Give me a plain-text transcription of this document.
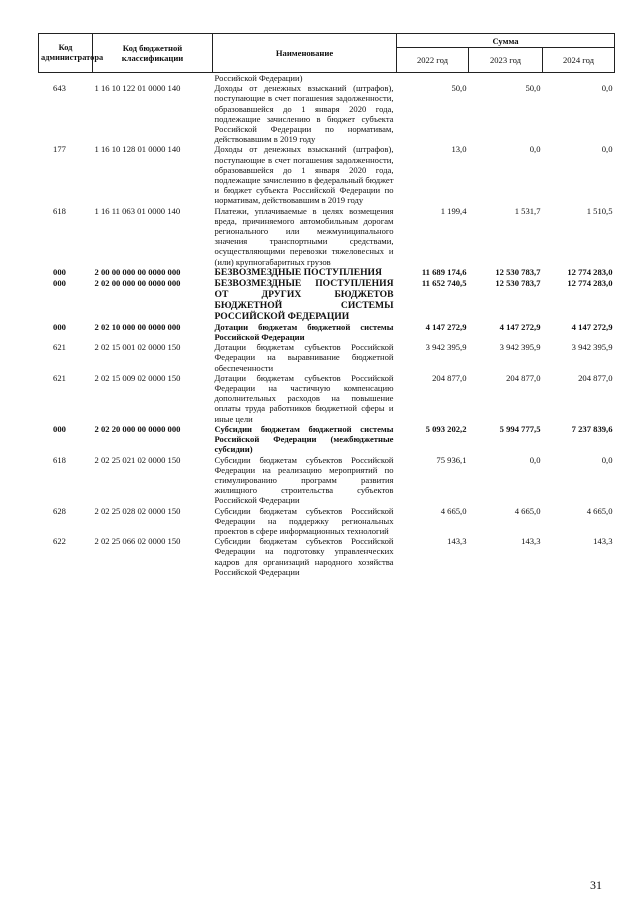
Код администратора	Код бюджетной классификации	Наименование	Сумма		
			2022 год	2023 год	2024 год
		Российской Федерации)			
643	1 16 10 122 01 0000 140	Доходы от денежных взысканий (штрафов), поступающие в счет погашения задолженности, образовавшейся до 1 января 2020 года, подлежащие зачислению в бюджет субъекта Российской Федерации по нормативам, действовавшим в 2019 году	50,0	50,0	0,0
177	1 16 10 128 01 0000 140	Доходы от денежных взысканий (штрафов), поступающие в счет погашения задолженности, образовавшейся до 1 января 2020 года, подлежащие зачислению в федеральный бюджет и бюджет субъекта Российской Федерации по нормативам, действовавшим в 2019 году	13,0	0,0	0,0
618	1 16 11 063 01 0000 140	Платежи, уплачиваемые в целях возмещения вреда, причиняемого автомобильным дорогам регионального или межмуниципального значения транспортными средствами, осуществляющими перевозки тяжеловесных и (или) крупногабаритных грузов	1 199,4	1 531,7	1 510,5
000	2 00 00 000 00 0000 000	БЕЗВОЗМЕЗДНЫЕ ПОСТУПЛЕНИЯ	11 689 174,6	12 530 783,7	12 774 283,0
000	2 02 00 000 00 0000 000	БЕЗВОЗМЕЗДНЫЕ ПОСТУПЛЕНИЯ ОТ ДРУГИХ БЮДЖЕТОВ БЮДЖЕТНОЙ СИСТЕМЫ РОССИЙСКОЙ ФЕДЕРАЦИИ	11 652 740,5	12 530 783,7	12 774 283,0
000	2 02 10 000 00 0000 000	Дотации бюджетам бюджетной системы Российской Федерации	4 147 272,9	4 147 272,9	4 147 272,9
621	2 02 15 001 02 0000 150	Дотации бюджетам субъектов Российской Федерации на выравнивание бюджетной обеспеченности	3 942 395,9	3 942 395,9	3 942 395,9
621	2 02 15 009 02 0000 150	Дотации бюджетам субъектов Российской Федерации на частичную компенсацию дополнительных расходов на повышение оплаты труда работников бюджетной сферы и иные цели	204 877,0	204 877,0	204 877,0
000	2 02 20 000 00 0000 000	Субсидии бюджетам бюджетной системы Российской Федерации (межбюджетные субсидии)	5 093 202,2	5 994 777,5	7 237 839,6
618	2 02 25 021 02 0000 150	Субсидии бюджетам субъектов Российской Федерации на реализацию мероприятий по стимулированию программ развития жилищного строительства субъектов Российской Федерации	75 936,1	0,0	0,0
628	2 02 25 028 02 0000 150	Субсидии бюджетам субъектов Российской Федерации на поддержку региональных проектов в сфере информационных технологий	4 665,0	4 665,0	4 665,0
622	2 02 25 066 02 0000 150	Субсидии бюджетам субъектов Российской Федерации на подготовку управленческих кадров для организаций народного хозяйства Российской Федерации	143,3	143,3	143,3
31
